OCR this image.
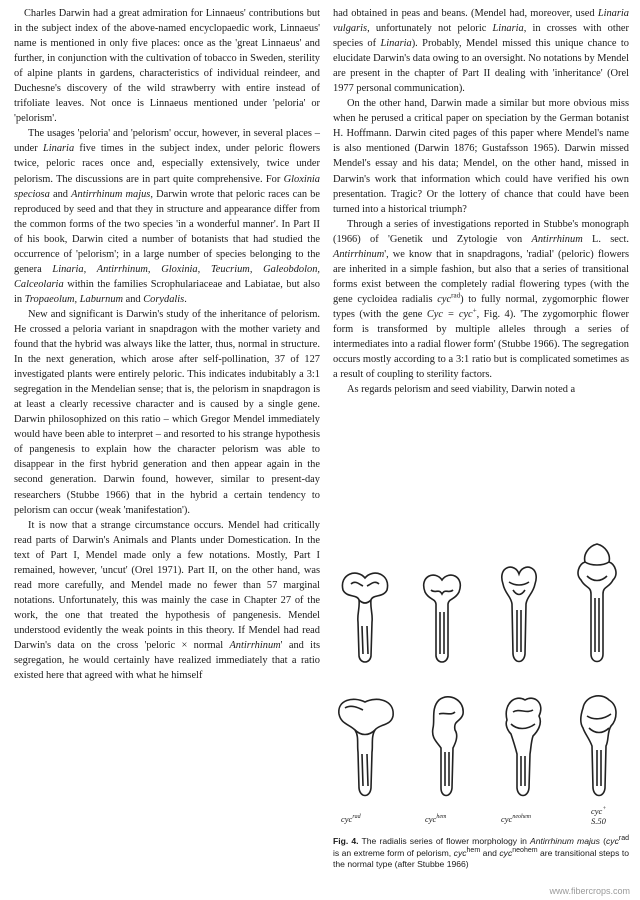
Charles Darwin had a great admiration for Linnaeus' contributions but in the subject index of the above-named encyclopaedic work, Linnaeus' name is mentioned in only five places: once as the 'great Linnaeus' and further, in conjunction with the cultivation of tobacco in Sweden, sterility of alpine plants in gardens, characteristics of individual reindeer, and Duchesne's discovery of the wild strawberry with entire instead of trifoliate leaves. Not once is Linnaeus mentioned under 'peloria' or 'pelorism'.

The usages 'peloria' and 'pelorism' occur, however, in several places – under Linaria five times in the subject index, under peloric flowers twice, peloric races once and, especially extensively, twice under pelorism. The discussions are in part quite comprehensive. For Gloxinia speciosa and Antirrhinum majus, Darwin wrote that peloric races can be reproduced by seed and that they in structure and appearance differ from the common forms of the two species 'in a wonderful manner'. In Part II of his book, Darwin cited a number of botanists that had studied the occurrence of 'pelorism'; in a large number of species belonging to the genera Linaria, Antirrhinum, Gloxinia, Teucrium, Galeobdolon, Calceolaria within the families Scrophulariaceae and Labiatae, but also in Tropaeolum, Laburnum and Corydalis.

New and significant is Darwin's study of the inheritance of pelorism. He crossed a peloria variant in snapdragon with the mother variety and found that the hybrid was always like the latter, thus, normal in structure. In the next generation, which arose after self-pollination, 37 of 127 investigated plants were entirely peloric. This indicates indubitably a 3:1 segregation in the Mendelian sense; that is, the pelorism in snapdragon is at least a clearly recessive character and is caused by a single gene. Darwin philosophized on this ratio – which Gregor Mendel immediately would have been able to interpret – and resorted to his strange hypothesis of pangenesis to explain how the character pelorism was able to disappear in the first hybrid generation and then appear again in the second generation. Darwin found, however, similar to present-day researchers (Stubbe 1966) that in the hybrid a certain tendency to pelorism can occur (weak 'manifestation').

It is now that a strange circumstance occurs. Mendel had critically read parts of Darwin's Animals and Plants under Domestication. In the text of Part I, Mendel made only a few notations. Mostly, Part I remained, however, 'uncut' (Orel 1971). Part II, on the other hand, was read more carefully, and Mendel made no fewer than 57 marginal notations. Unfortunately, this was mainly the case in Chapter 27 of the work, the one that treated the hypothesis of pangenesis. Mendel understood evidently the weak points in this theory. If Mendel had read Darwin's data on the cross 'peloric × normal Antirrhinum' and its segregation, he would certainly have realized immediately that a ratio existed here that agreed with what he himself

had obtained in peas and beans. (Mendel had, moreover, used Linaria vulgaris, unfortunately not peloric Linaria, in crosses with other species of Linaria). Probably, Mendel missed this unique chance to elucidate Darwin's data owing to an oversight. No notations by Mendel are present in the chapter of Part II dealing with 'inheritance' (Orel 1977 personal communication).

On the other hand, Darwin made a similar but more obvious miss when he perused a critical paper on speciation by the German botanist H. Hoffmann. Darwin cited pages of this paper where Mendel's name is also mentioned (Darwin 1876; Gustafsson 1965). Darwin missed Mendel's essay and his data; Mendel, on the other hand, missed in Darwin's work that information which could have verified his own presentation. Tragic? Or the lottery of chance that could have been turned into a historical triumph?

Through a series of investigations reported in Stubbe's monograph (1966) of 'Genetik und Zytologie von Antirrhinum L. sect. Antirrhinum', we know that in snapdragons, 'radial' (peloric) flowers are inherited in a simple fashion, but also that a series of transitional forms exist between the completely radial flowering types (with the gene cycloidea radialis cyc$^{rad}$) to fully normal, zygomorphic flower types (with the gene Cyc = cyc+, Fig. 4). 'The zygomorphic flower form is transformed by multiple alleles through a series of intermediates into a radial flower form' (Stubbe 1966). The segregation occurs mostly according to a 3:1 ratio but is complicated sometimes as a result of coupling to sterility factors.

As regards pelorism and seed viability, Darwin noted a

cyc$^{rad}$	cyc$^{hem}$	cyc$^{neohem}$
cyc+
S.50
Fig. 4. The radialis series of flower morphology in Antirrhinum majus (cyc$^{rad}$ is an extreme form of pelorism, cyc$^{hem}$ and cyc$^{neohem}$ are transitional steps to the normal type (after Stubbe 1966)
www.fibercrops.com
